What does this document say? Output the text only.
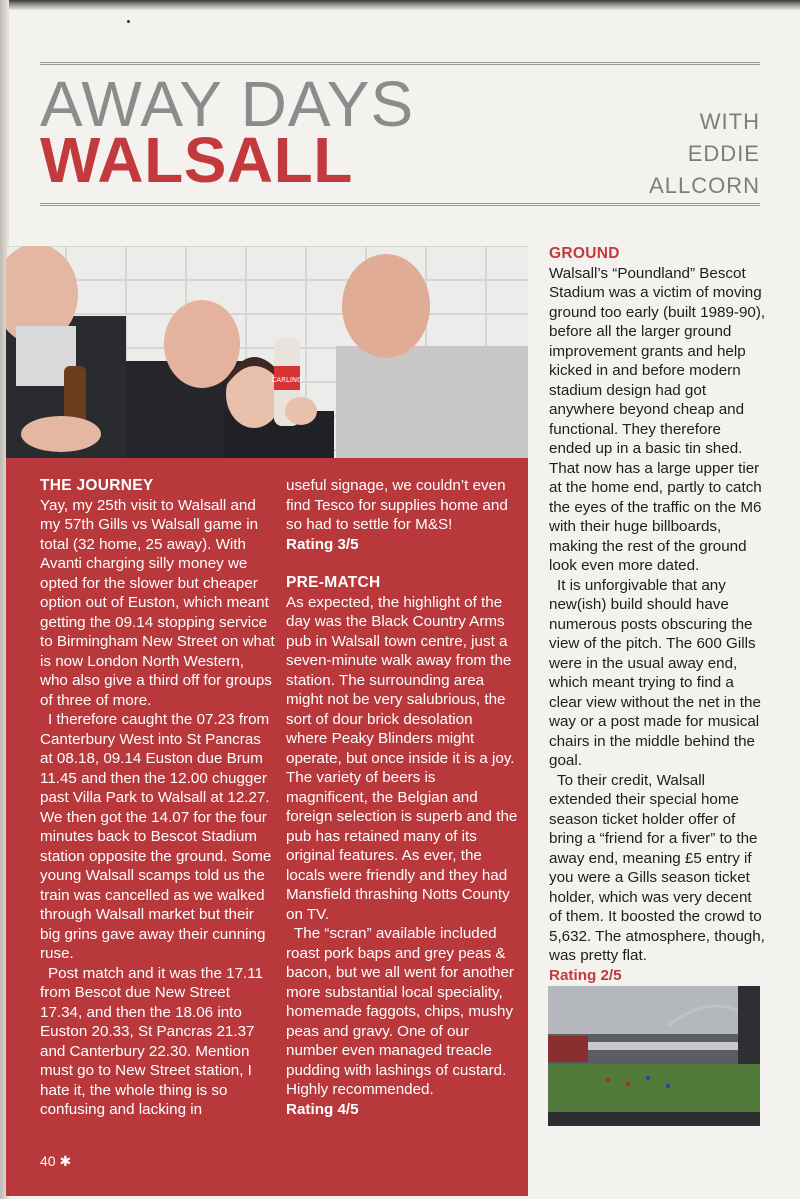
AWAY DAYS
WALSALL
WITH
EDDIE
ALLCORN
CARLING
THE JOURNEY

Yay, my 25th visit to Walsall and my 57th Gills vs Walsall game in total (32 home, 25 away). With Avanti charging silly money we opted for the slower but cheaper option out of Euston, which meant getting the 09.14 stopping service to Birmingham New Street on what is now London North Western, who also give a third off for groups of three of more.

I therefore caught the 07.23 from Canterbury West into St Pancras at 08.18, 09.14 Euston due Brum 11.45 and then the 12.00 chugger past Villa Park to Walsall at 12.27. We then got the 14.07 for the four minutes back to Bescot Stadium station opposite the ground. Some young Walsall scamps told us the train was cancelled as we walked through Walsall market but their big grins gave away their cunning ruse.

Post match and it was the 17.11 from Bescot due New Street 17.34, and then the 18.06 into Euston 20.33, St Pancras 21.37 and Canterbury 22.30. Mention must go to New Street station, I hate it, the whole thing is so confusing and lacking in

useful signage, we couldn’t even find Tesco for supplies home and so had to settle for M&S!

Rating 3/5
PRE-MATCH

As expected, the highlight of the day was the Black Country Arms pub in Walsall town centre, just a seven-minute walk away from the station. The surrounding area might not be very salubrious, the sort of dour brick desolation where Peaky Blinders might operate, but once inside it is a joy. The variety of beers is magnificent, the Belgian and foreign selection is superb and the pub has retained many of its original features. As ever, the locals were friendly and they had Mansfield thrashing Notts County on TV.

The “scran” available included roast pork baps and grey peas & bacon, but we all went for another more substantial local speciality, homemade faggots, chips, mushy peas and gravy. One of our number even managed treacle pudding with lashings of custard. Highly recommended.

Rating 4/5
GROUND

Walsall’s “Poundland” Bescot Stadium was a victim of moving ground too early (built 1989-90), before all the larger ground improvement grants and help kicked in and before modern stadium design had got anywhere beyond cheap and functional. They therefore ended up in a basic tin shed. That now has a large upper tier at the home end, partly to catch the eyes of the traffic on the M6 with their huge billboards, making the rest of the ground look even more dated.

It is unforgivable that any new(ish) build should have numerous posts obscuring the view of the pitch. The 600 Gills were in the usual away end, which meant trying to find a clear view without the net in the way or a post made for musical chairs in the middle behind the goal.

To their credit, Walsall extended their special home season ticket holder offer of bring a “friend for a fiver” to the away end, meaning £5 entry if you were a Gills season ticket holder, which was very decent of them. It boosted the crowd to 5,632. The atmosphere, though, was pretty flat.

Rating 2/5
40 ✱
